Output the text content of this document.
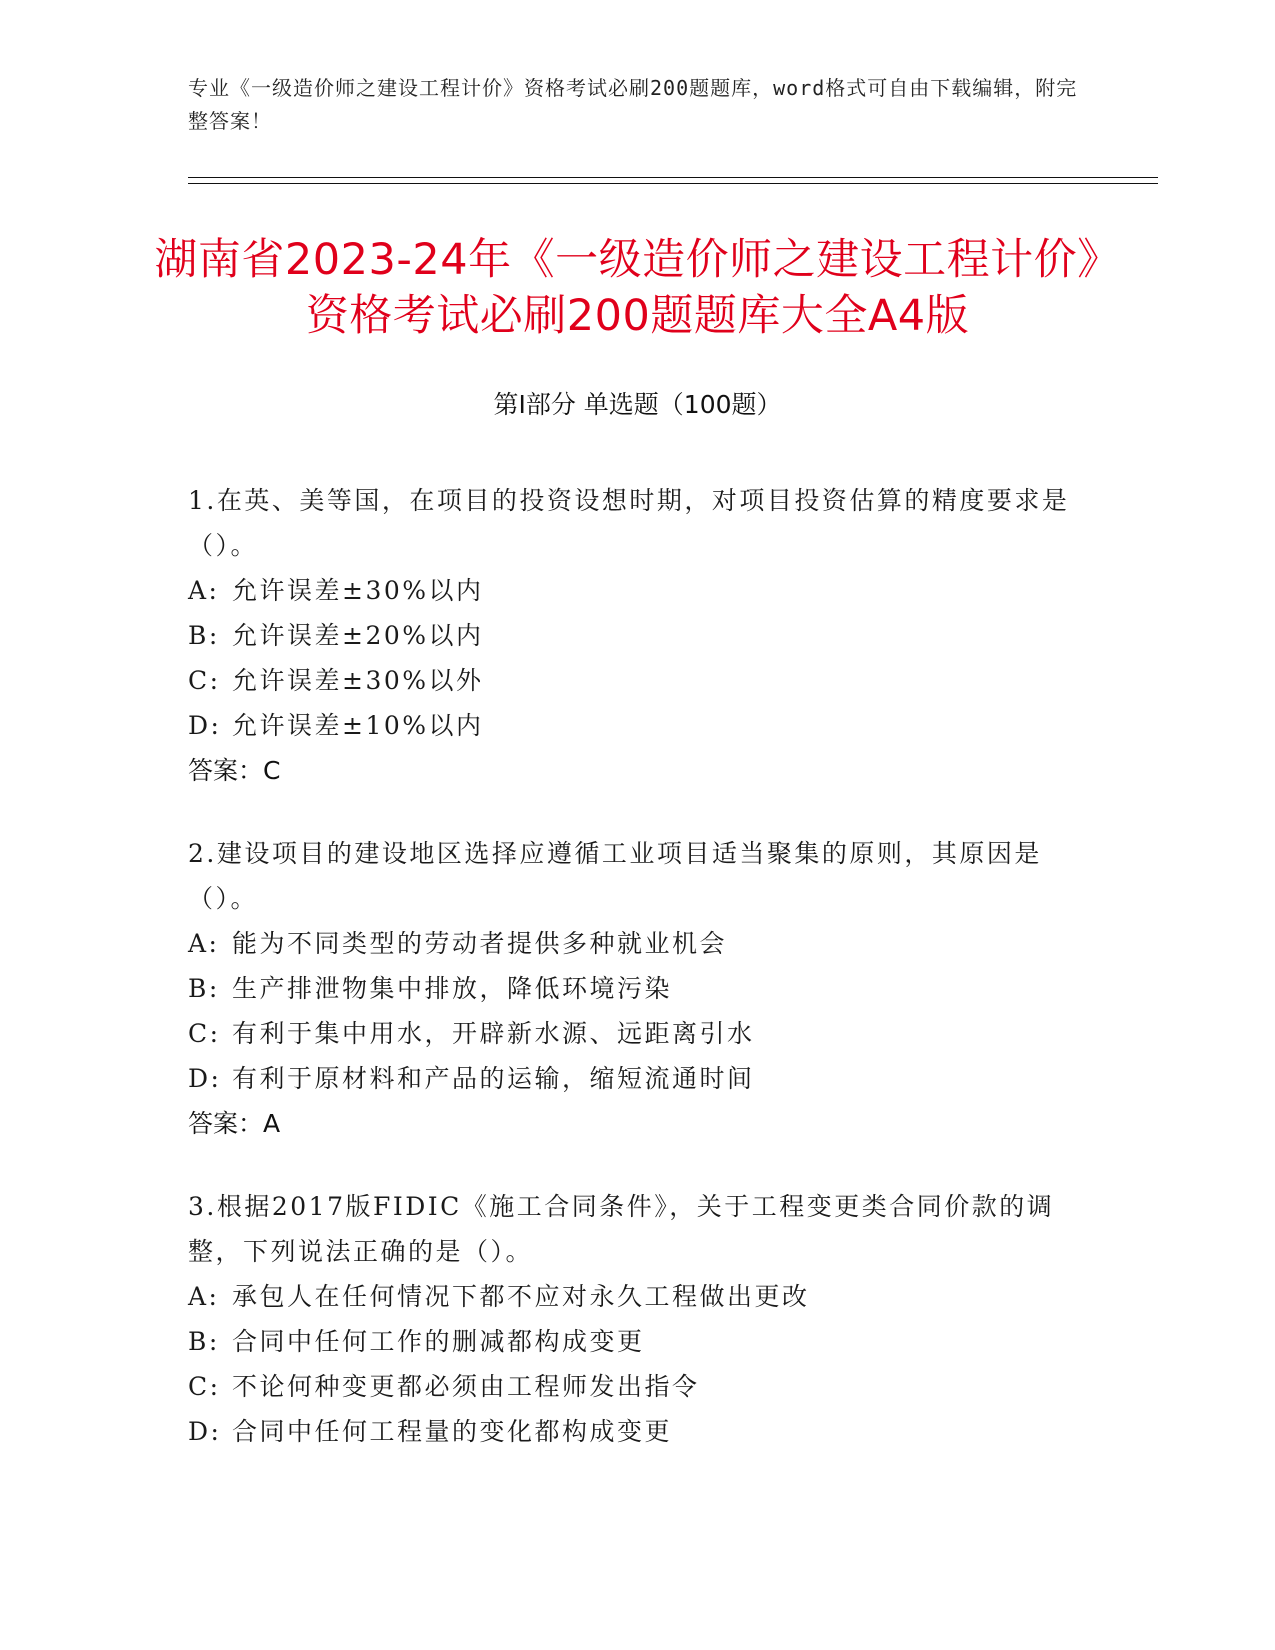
专业《一级造价师之建设工程计价》资格考试必刷200题题库，word格式可自由下载编辑，附完整答案！
湖南省2023-24年《一级造价师之建设工程计价》资格考试必刷200题题库大全A4版
第Ⅰ部分 单选题（100题）
1.在英、美等国，在项目的投资设想时期，对项目投资估算的精度要求是（）。
A: 允许误差±30%以内
B: 允许误差±20%以内
C: 允许误差±30%以外
D: 允许误差±10%以内
答案：C
2.建设项目的建设地区选择应遵循工业项目适当聚集的原则，其原因是（）。
A: 能为不同类型的劳动者提供多种就业机会
B: 生产排泄物集中排放，降低环境污染
C: 有利于集中用水，开辟新水源、远距离引水
D: 有利于原材料和产品的运输，缩短流通时间
答案：A
3.根据2017版FIDIC《施工合同条件》，关于工程变更类合同价款的调整，下列说法正确的是（）。
A: 承包人在任何情况下都不应对永久工程做出更改
B: 合同中任何工作的删减都构成变更
C: 不论何种变更都必须由工程师发出指令
D: 合同中任何工程量的变化都构成变更
